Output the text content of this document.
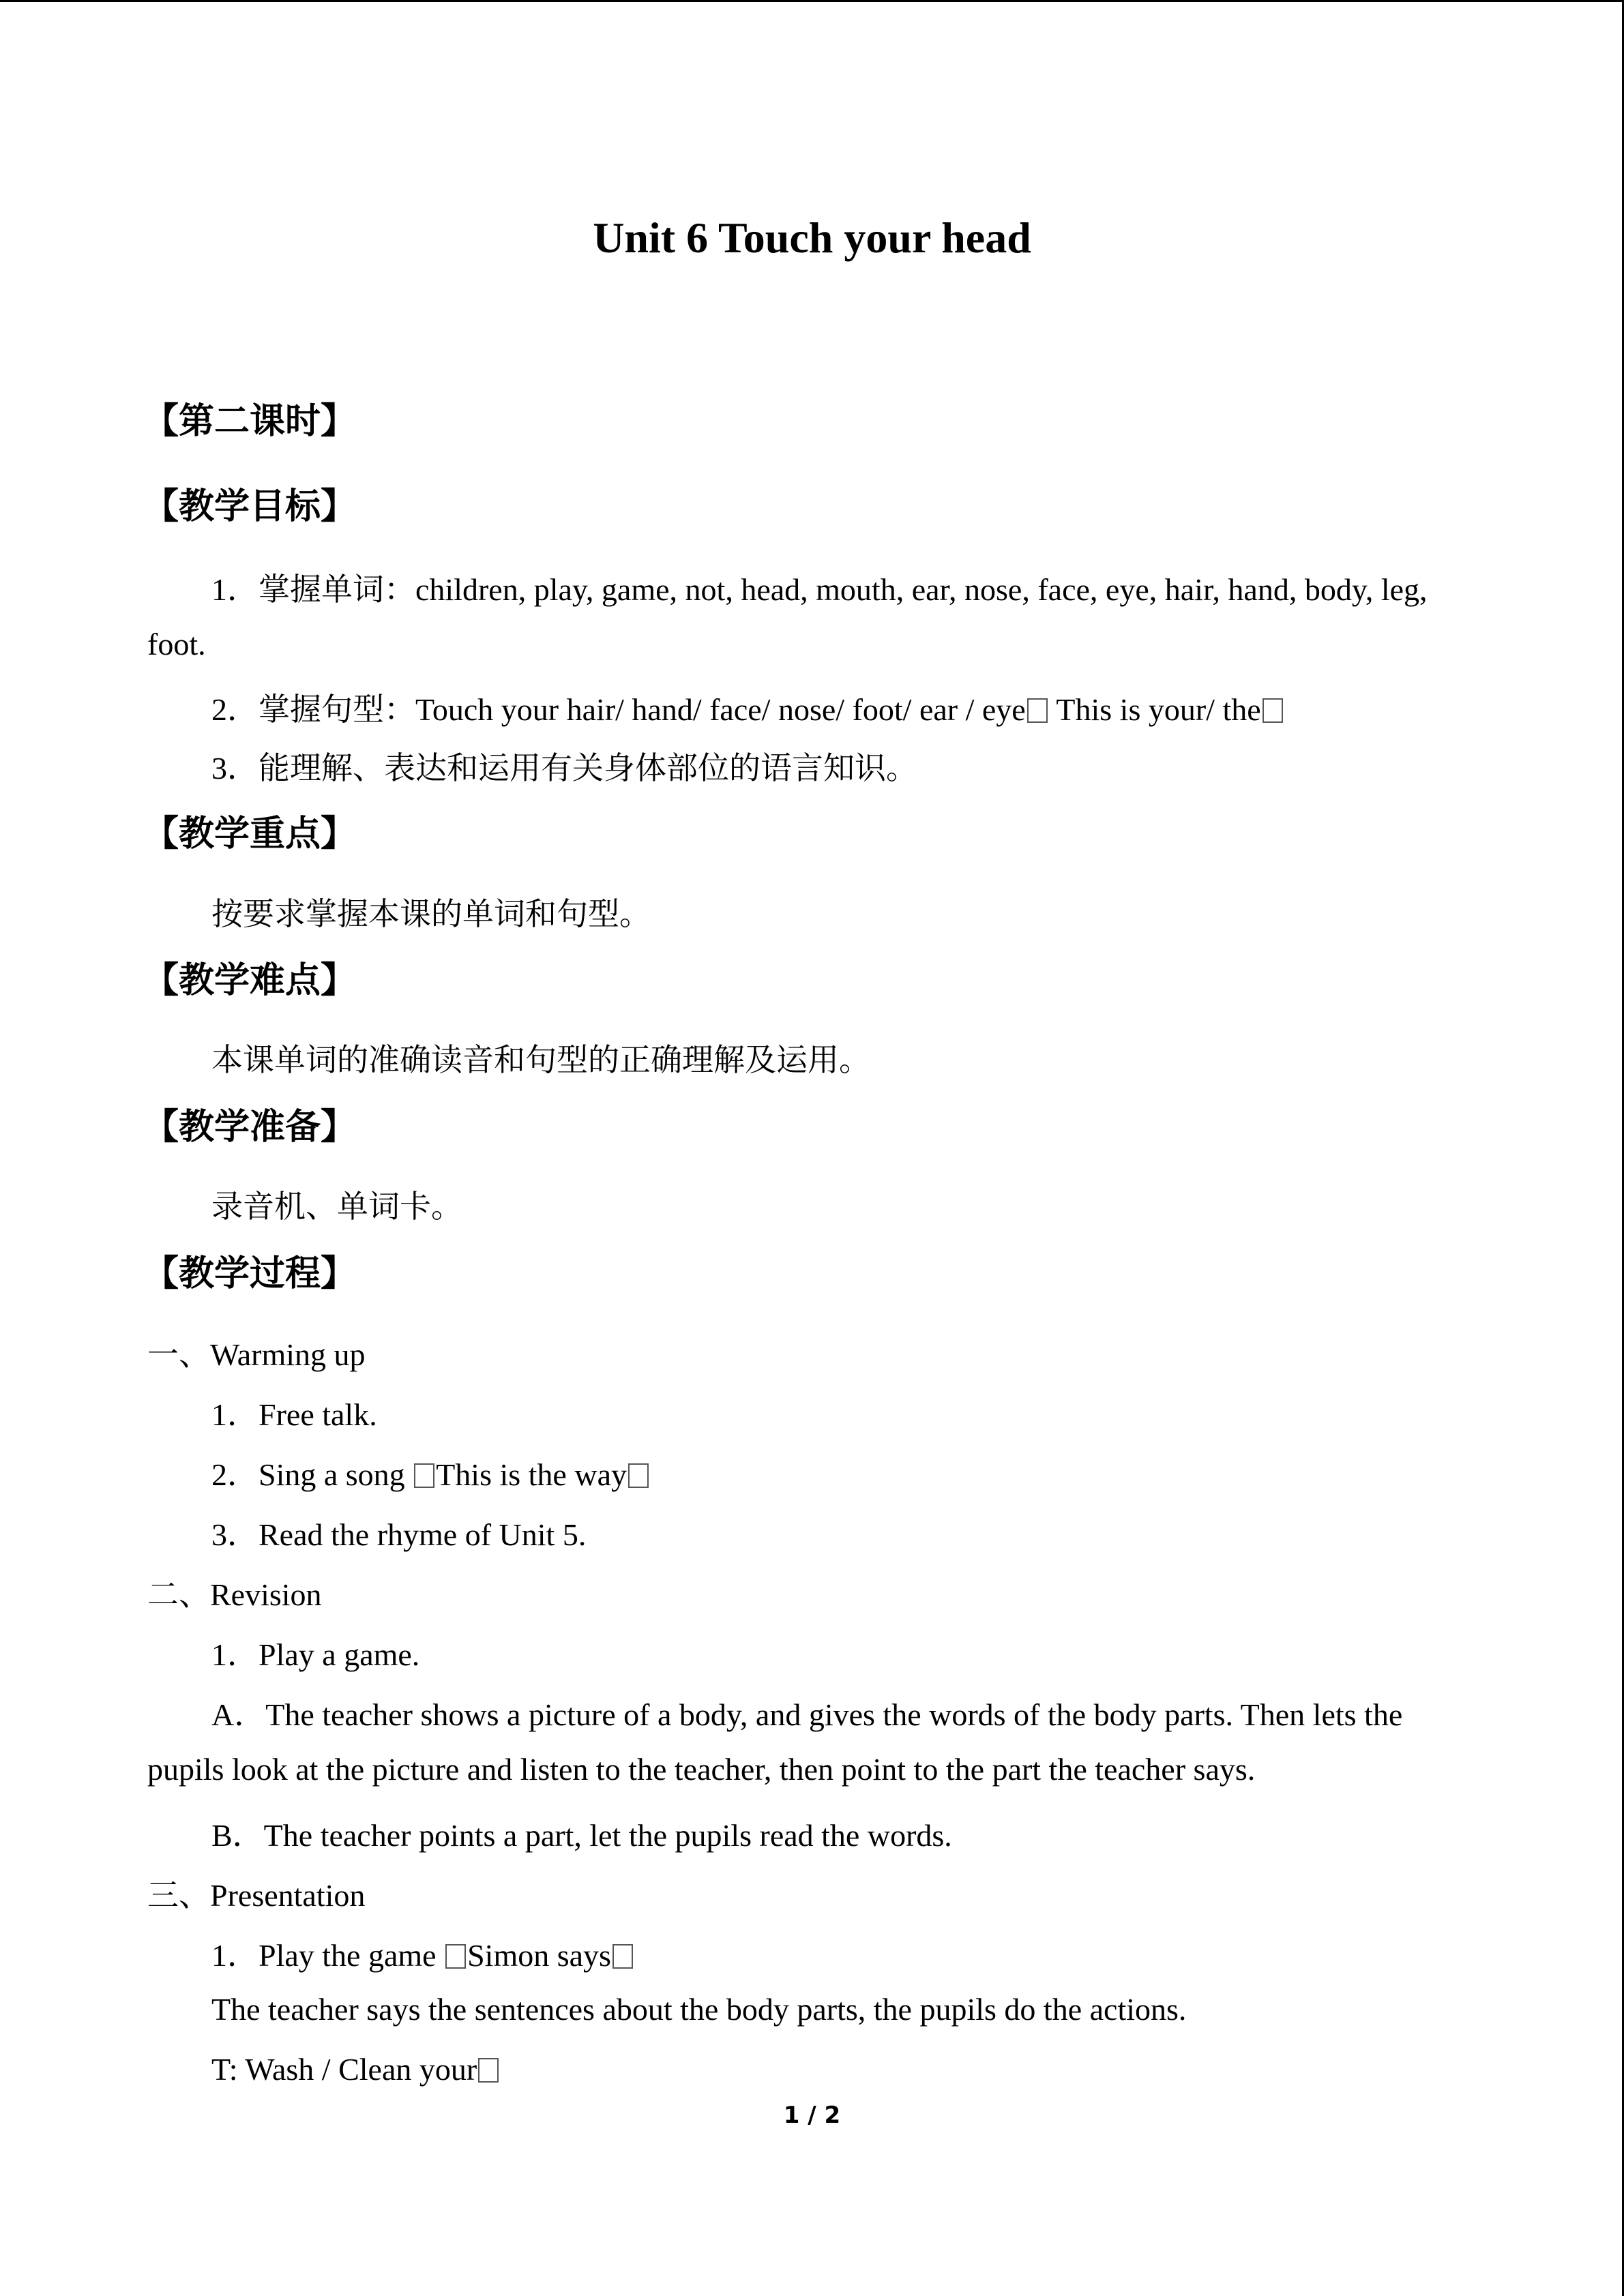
Unit 6 Touch your head
【第二课时】
【教学目标】
1．掌握单词：children, play, game, not, head, mouth, ear, nose, face, eye, hair, hand, body, leg,
foot.
2．掌握句型：Touch your hair/ hand/ face/ nose/ foot/ ear / eye This is your/ the
3．能理解、表达和运用有关身体部位的语言知识。
【教学重点】
按要求掌握本课的单词和句型。
【教学难点】
本课单词的准确读音和句型的正确理解及运用。
【教学准备】
录音机、单词卡。
【教学过程】
一、Warming up
1．Free talk.
2．Sing a song This is the way
3．Read the rhyme of Unit 5.
二、Revision
1．Play a game.
A．The teacher shows a picture of a body, and gives the words of the body parts. Then lets the
pupils look at the picture and listen to the teacher, then point to the part the teacher says.
B．The teacher points a part, let the pupils read the words.
三、Presentation
1．Play the game Simon says
The teacher says the sentences about the body parts, the pupils do the actions.
T: Wash / Clean your
1 / 2
